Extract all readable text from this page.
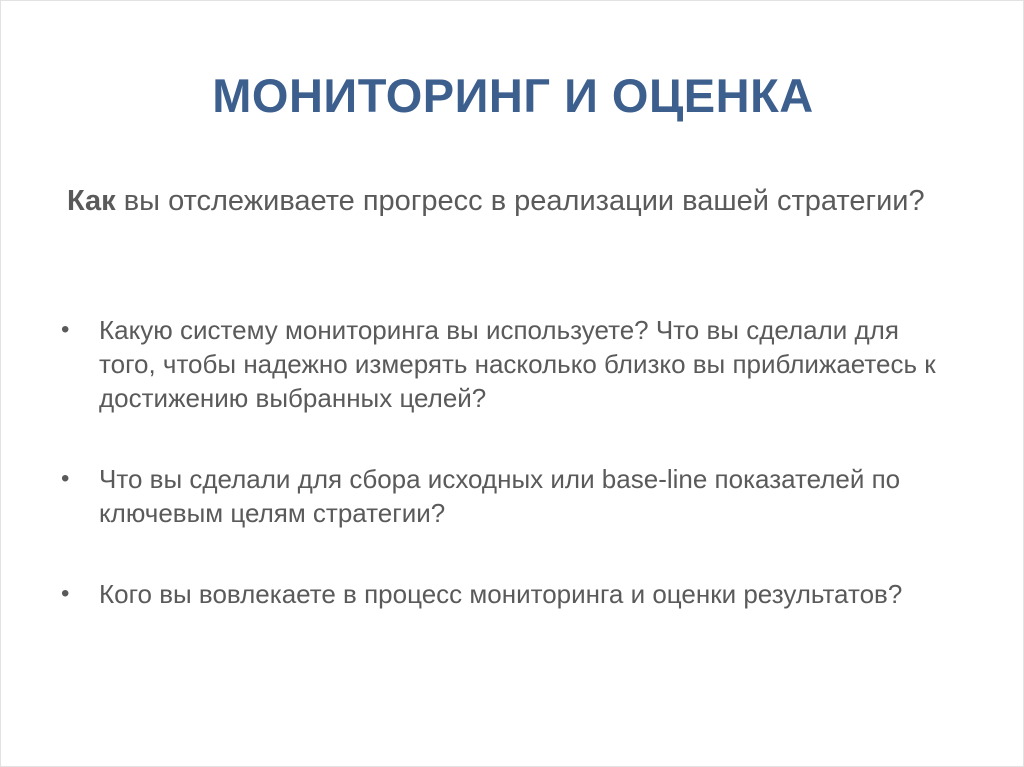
МОНИТОРИНГ И ОЦЕНКА
Как вы отслеживаете прогресс в реализации вашей стратегии?
• Какую систему мониторинга вы используете? Что вы сделали для того, чтобы надежно измерять насколько близко вы приближаетесь к достижению выбранных целей?
• Что вы сделали для сбора исходных или base-line показателей по ключевым целям стратегии?
• Кого вы вовлекаете в процесс мониторинга и оценки результатов?
